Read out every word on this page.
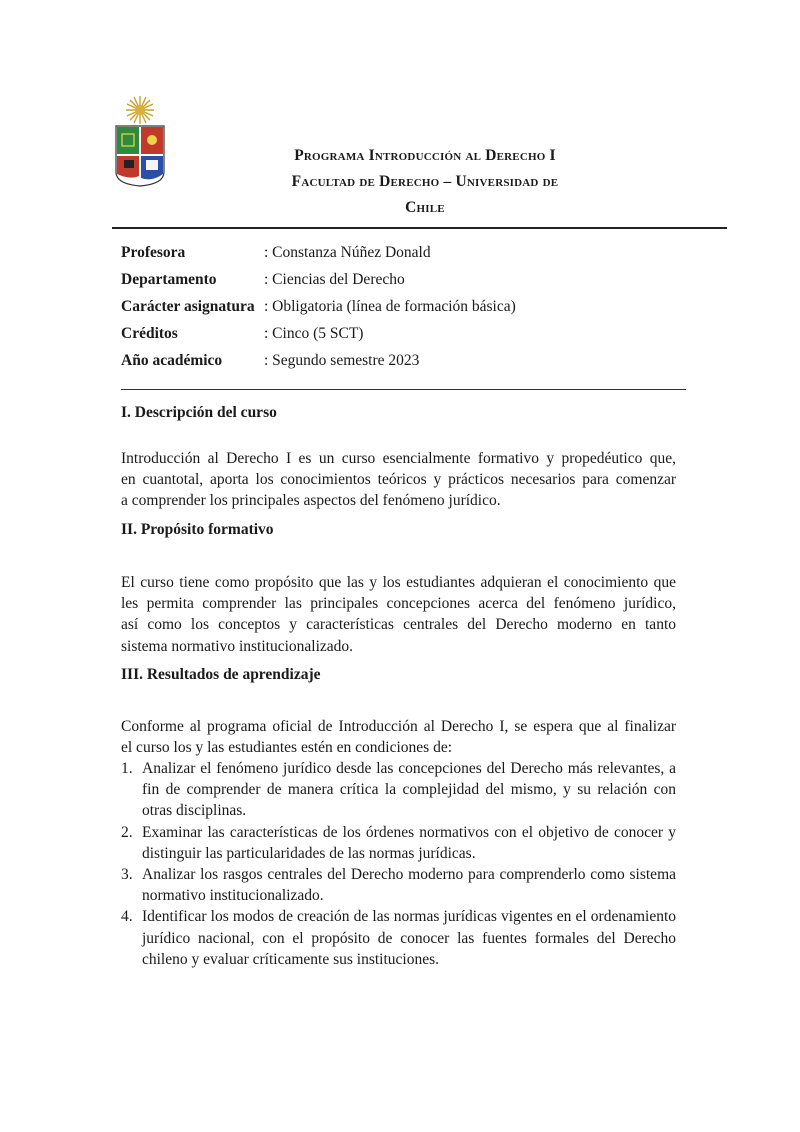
Programa Introducción al Derecho I
Facultad de Derecho – Universidad de
Chile
Profesora	: Constanza Núñez Donald
Departamento	: Ciencias del Derecho
Carácter asignatura : Obligatoria (línea de formación básica)
Créditos	: Cinco (5 SCT)
Año académico	: Segundo semestre 2023
I. Descripción del curso
Introducción al Derecho I es un curso esencialmente formativo y propedéutico que,
en cuantotal, aporta los conocimientos teóricos y prácticos necesarios para comenzar
a comprender los principales aspectos del fenómeno jurídico.
II. Propósito formativo
El curso tiene como propósito que las y los estudiantes adquieran el conocimiento que
les permita comprender las principales concepciones acerca del fenómeno jurídico,
así como los conceptos y características centrales del Derecho moderno en tanto
sistema normativo institucionalizado.
III. Resultados de aprendizaje
Conforme al programa oficial de Introducción al Derecho I, se espera que al finalizar
el curso los y las estudiantes estén en condiciones de:
1. Analizar el fenómeno jurídico desde las concepciones del Derecho más relevantes, a fin de comprender de manera crítica la complejidad del mismo, y su relación con otras disciplinas.
2. Examinar las características de los órdenes normativos con el objetivo de conocer y distinguir las particularidades de las normas jurídicas.
3. Analizar los rasgos centrales del Derecho moderno para comprenderlo como sistema normativo institucionalizado.
4. Identificar los modos de creación de las normas jurídicas vigentes en el ordenamiento jurídico nacional, con el propósito de conocer las fuentes formales del Derecho chileno y evaluar críticamente sus instituciones.
